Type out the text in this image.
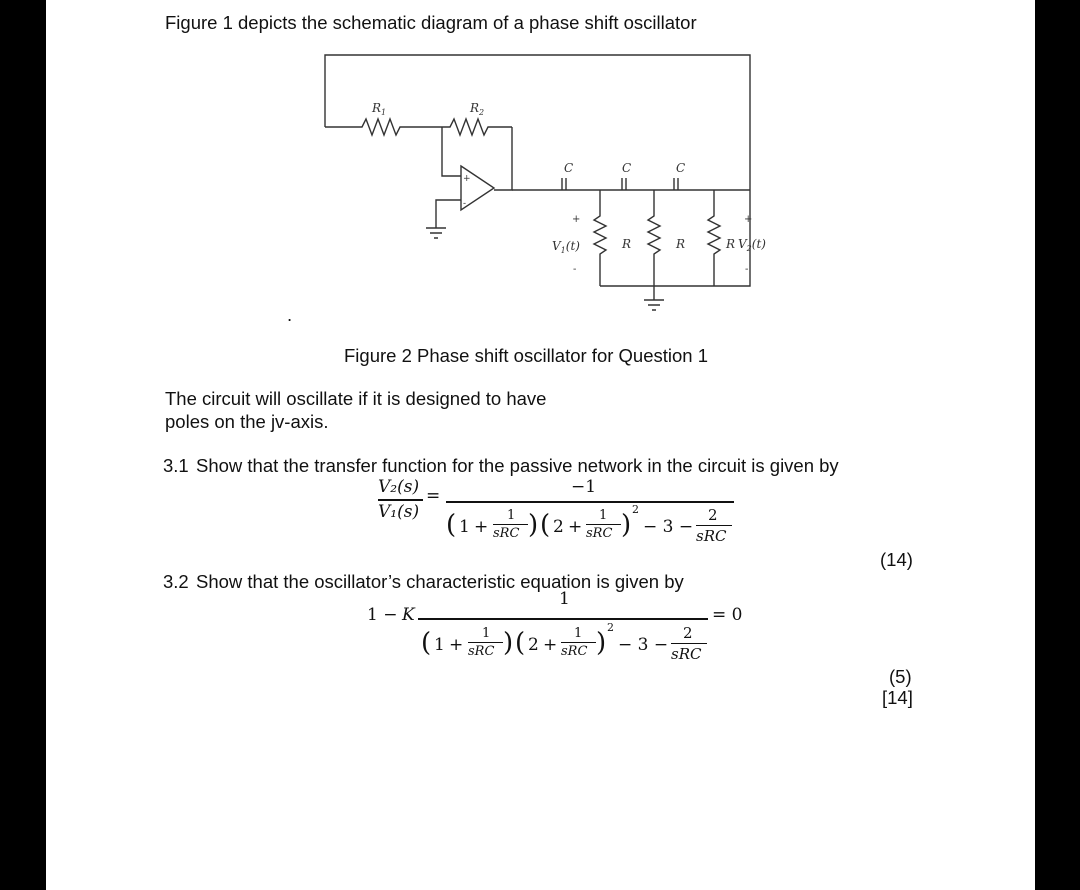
Figure 1 depicts the schematic diagram of a phase shift oscillator
$R_1$	$R_2$
C	C	C
R	R	R
$V_1(t)$	$V_2(t)$
+	+
-	-
+
-
.
Figure 2 Phase shift oscillator for Question 1
The circuit will oscillate if it is designed to have
poles on the jv-axis.
3.1 Show that the transfer function for the passive network in the circuit is given by
V₂(s)
V₁(s)
=	−1
( 1 +
1
sRC ) ( 2 +
1
sRC )
2
− 3 −
2
sRC
(14)
3.2 Show that the oscillator’s characteristic equation is given by
1 − K
1
( 1 +
1
sRC ) ( 2 +
1
sRC )
2
− 3 −
2
sRC
= 0
(5)
[14]
